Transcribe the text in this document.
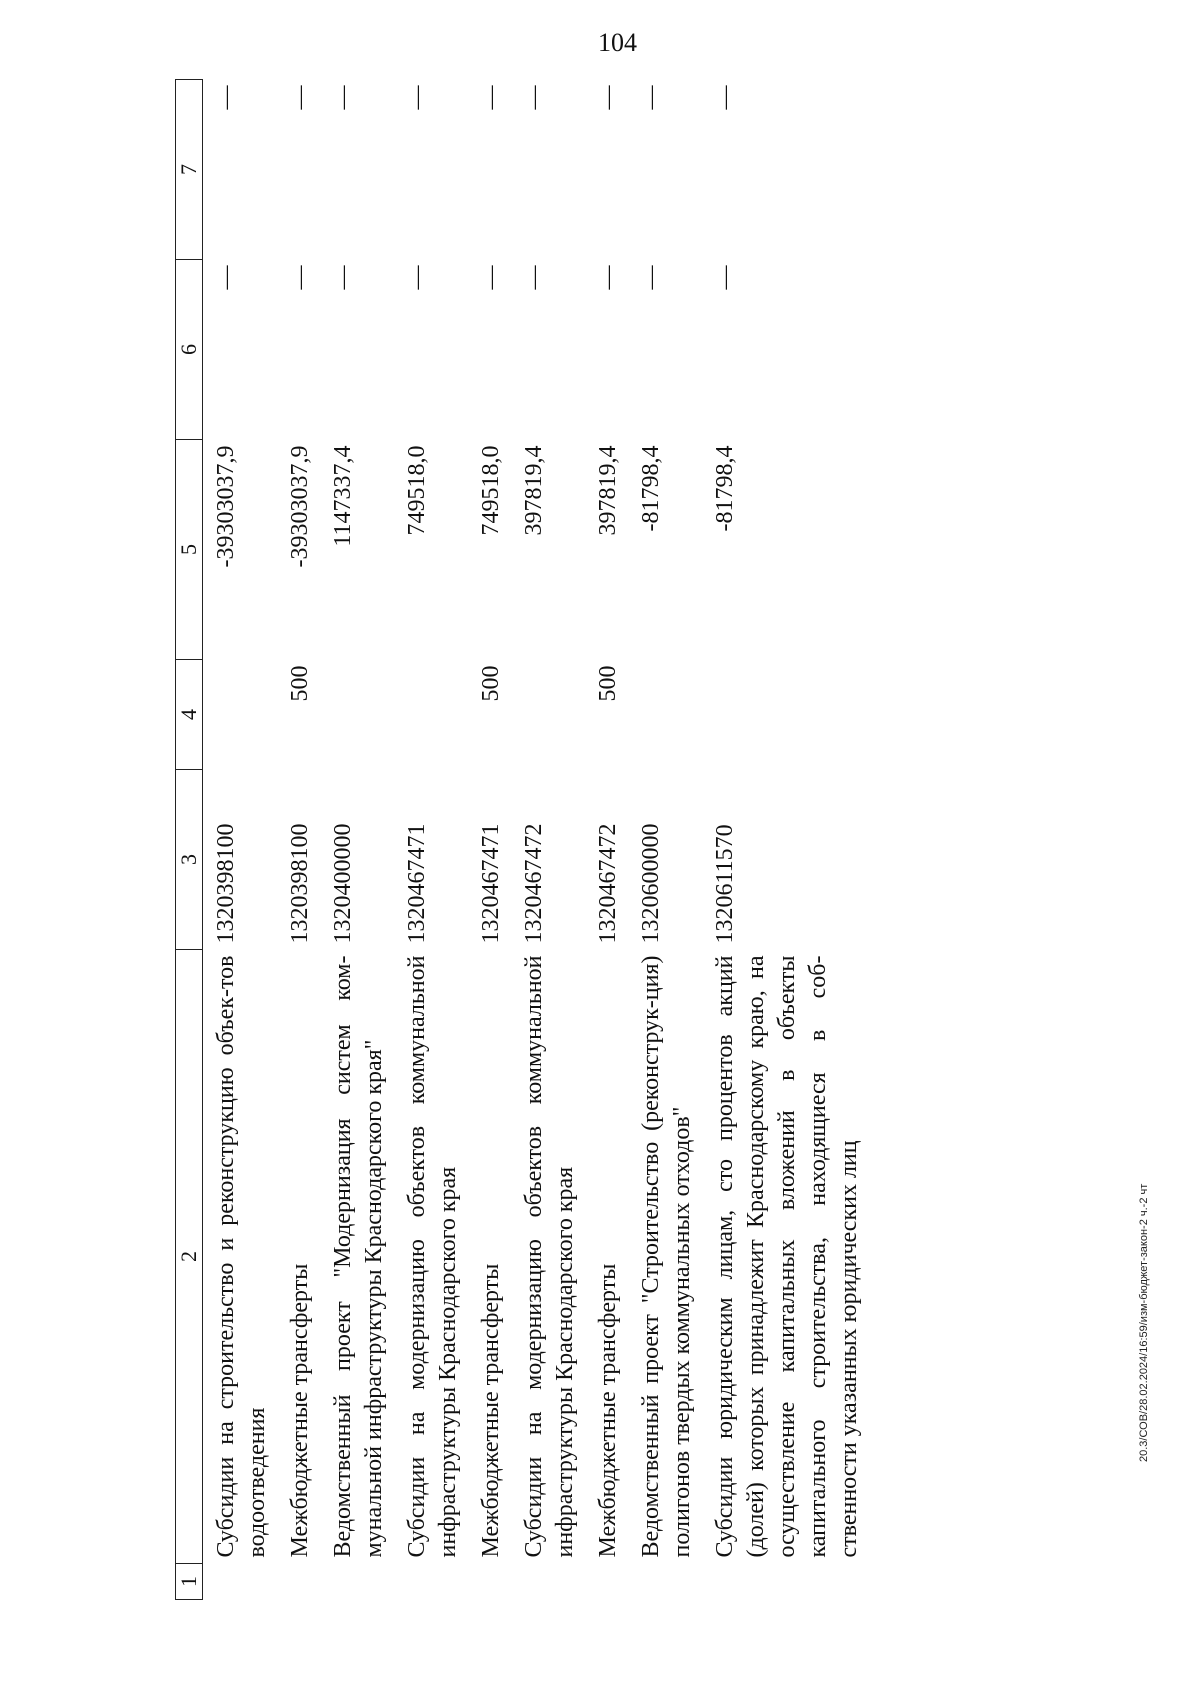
104
1	2	3	4	5	6	7
	Субсидии на строительство и реконструкцию объек-тов водоотведения	1320398100		-39303037,9	—	—
	Межбюджетные трансферты	1320398100	500	-39303037,9	—	—
	Ведомственный проект "Модернизация систем ком-мунальной инфраструктуры Краснодарского края"	1320400000		1147337,4	—	—
	Субсидии на модернизацию объектов коммунальной инфраструктуры Краснодарского края	1320467471		749518,0	—	—
	Межбюджетные трансферты	1320467471	500	749518,0	—	—
	Субсидии на модернизацию объектов коммунальной инфраструктуры Краснодарского края	1320467472		397819,4	—	—
	Межбюджетные трансферты	1320467472	500	397819,4	—	—
	Ведомственный проект "Строительство (реконструк-ция) полигонов твердых коммунальных отходов"	1320600000		-81798,4	—	—
	Субсидии юридическим лицам, сто процентов акций (долей) которых принадлежит Краснодарскому краю, на осуществление капитальных вложений в объекты капитального строительства, находящиеся в соб-ственности указанных юридических лиц	1320611570		-81798,4	—	—
20.3/СОВ/28.02.2024/16:59/изм-бюджет-закон-2 ч.-2 чт
